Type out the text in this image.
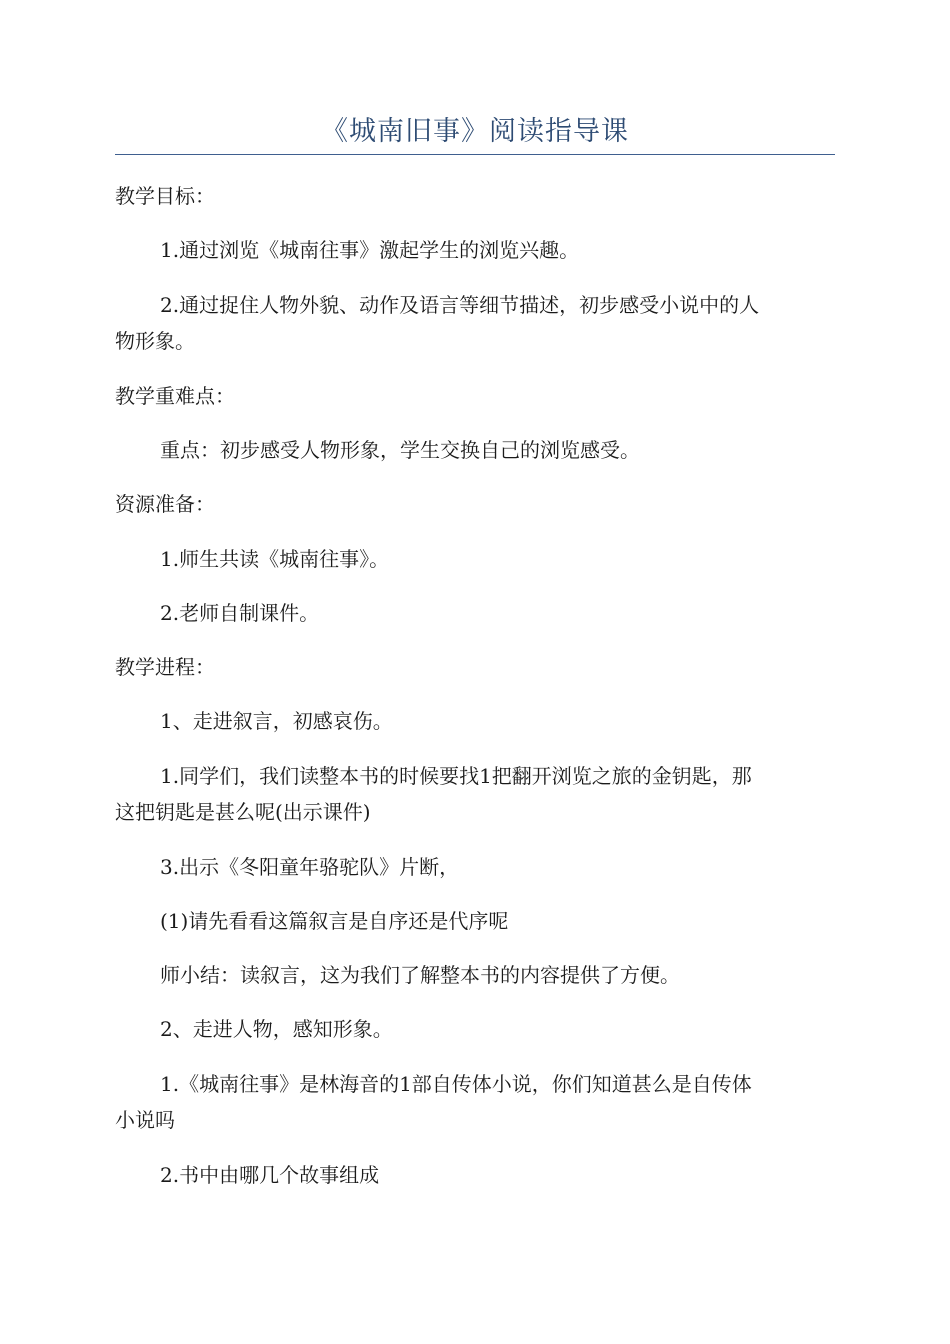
《城南旧事》阅读指导课
教学目标：
1.通过浏览《城南往事》激起学生的浏览兴趣。
2.通过捉住人物外貌、动作及语言等细节描述，初步感受小说中的人
物形象。
教学重难点：
重点：初步感受人物形象，学生交换自己的浏览感受。
资源准备：
1.师生共读《城南往事》。
2.老师自制课件。
教学进程：
1、走进叙言，初感哀伤。
1.同学们，我们读整本书的时候要找1把翻开浏览之旅的金钥匙，那
这把钥匙是甚么呢(出示课件)
3.出示《冬阳童年骆驼队》片断，
(1)请先看看这篇叙言是自序还是代序呢
师小结：读叙言，这为我们了解整本书的内容提供了方便。
2、走进人物，感知形象。
1.《城南往事》是林海音的1部自传体小说，你们知道甚么是自传体
小说吗
2.书中由哪几个故事组成
